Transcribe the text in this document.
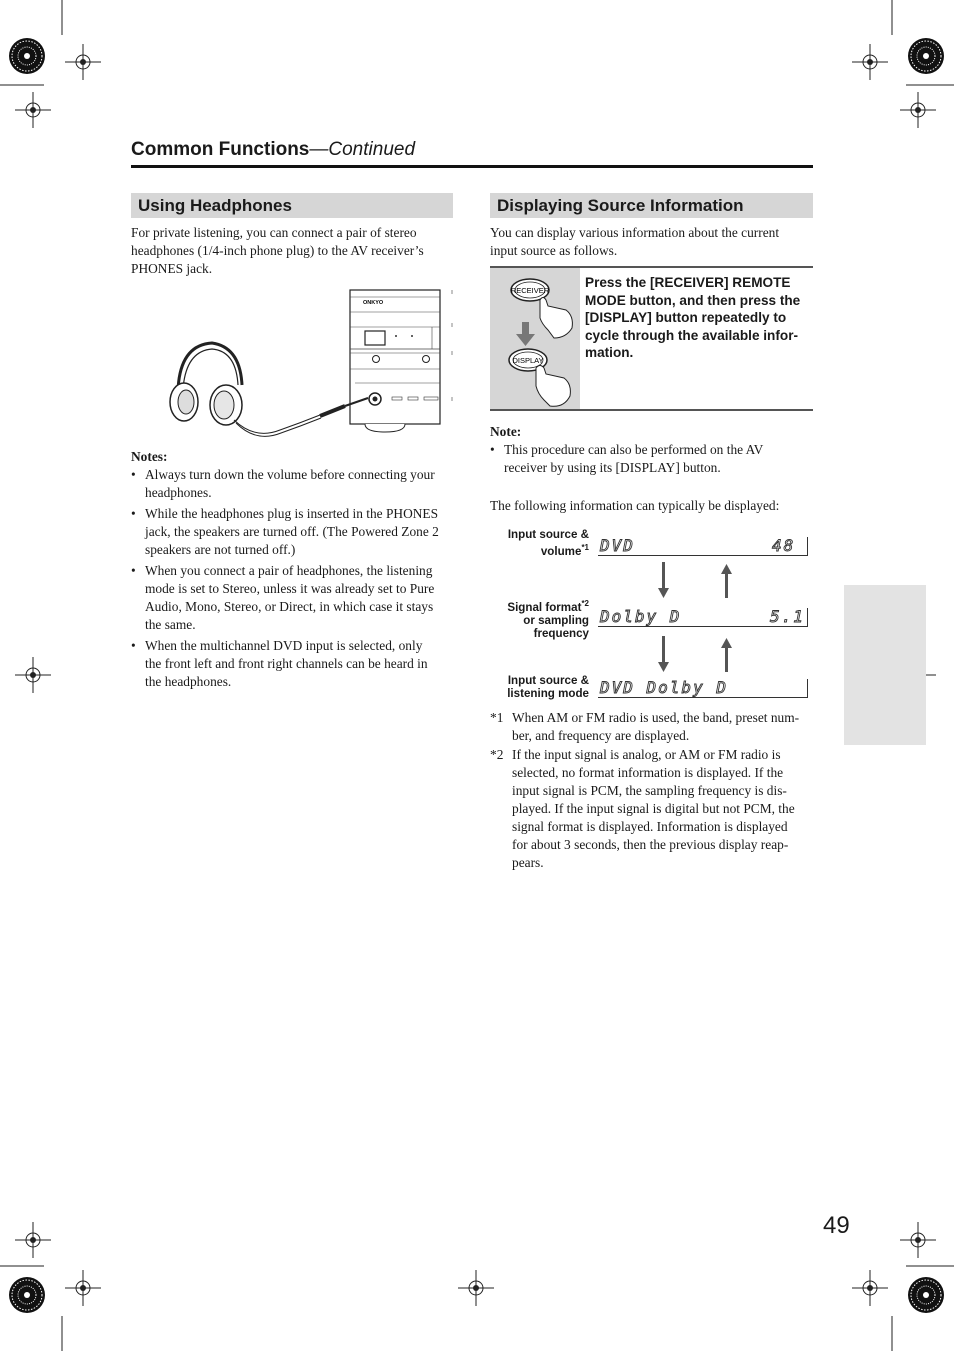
Common Functions—Continued
Using Headphones
For private listening, you can connect a pair of stereo
headphones (1/4-inch phone plug) to the AV receiver’s
PHONES jack.
ONKYO
Notes:
• Always turn down the volume before connecting your
headphones.
• While the headphones plug is inserted in the PHONES
jack, the speakers are turned off. (The Powered Zone 2
speakers are not turned off.)
• When you connect a pair of headphones, the listening
mode is set to Stereo, unless it was already set to Pure
Audio, Mono, Stereo, or Direct, in which case it stays
the same.
• When the multichannel DVD input is selected, only
the front left and front right channels can be heard in
the headphones.
Displaying Source Information
You can display various information about the current
input source as follows.
RECEIVER
DISPLAY
Press the [RECEIVER] REMOTE
MODE button, and then press the
[DISPLAY] button repeatedly to
cycle through the available infor-
mation.
Note:
• This procedure can also be performed on the AV
receiver by using its [DISPLAY] button.
The following information can typically be displayed:
Input source &
volume$^{*1}$ DVD	48
Signal format$^{*2}$
or sampling
frequency
Dolby D	5.1
Input source &
listening mode DVD Dolby D
*1 When AM or FM radio is used, the band, preset num-
ber, and frequency are displayed.
*2 If the input signal is analog, or AM or FM radio is
selected, no format information is displayed. If the
input signal is PCM, the sampling frequency is dis-
played. If the input signal is digital but not PCM, the
signal format is displayed. Information is displayed
for about 3 seconds, then the previous display reap-
pears.
49
